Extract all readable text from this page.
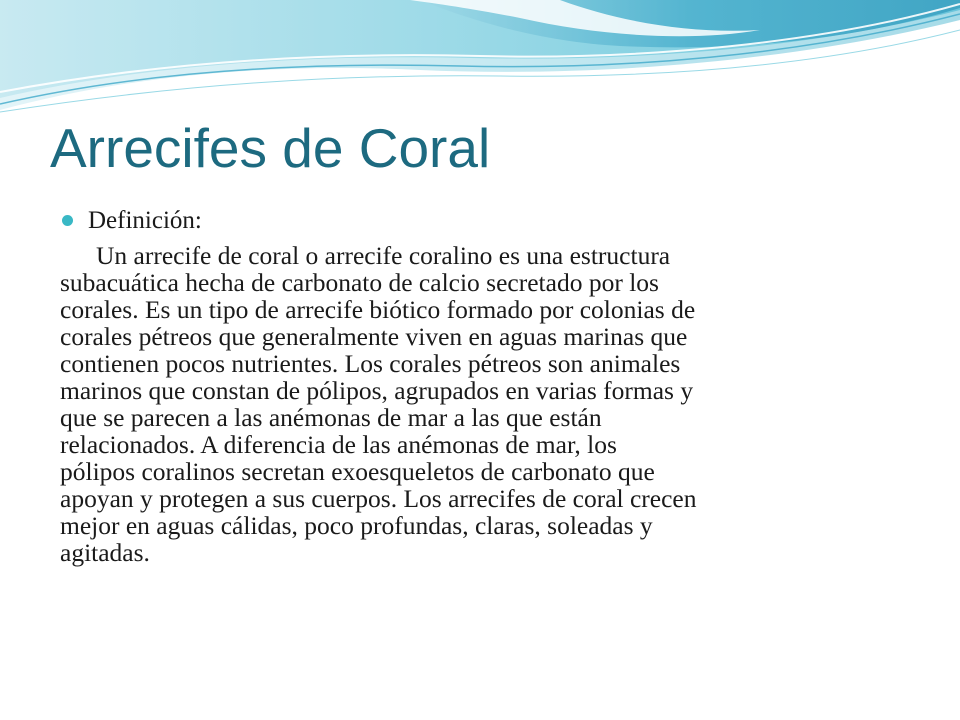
Arrecifes de Coral
Definición:

Un arrecife de coral o arrecife coralino es una estructura
subacuática hecha de carbonato de calcio secretado por los
corales. Es un tipo de arrecife biótico formado por colonias de
corales pétreos que generalmente viven en aguas marinas que
contienen pocos nutrientes. Los corales pétreos son animales
marinos que constan de pólipos, agrupados en varias formas y
que se parecen a las anémonas de mar a las que están
relacionados. A diferencia de las anémonas de mar, los
pólipos coralinos secretan exoesqueletos de carbonato que
apoyan y protegen a sus cuerpos. Los arrecifes de coral crecen
mejor en aguas cálidas, poco profundas, claras, soleadas y
agitadas.
